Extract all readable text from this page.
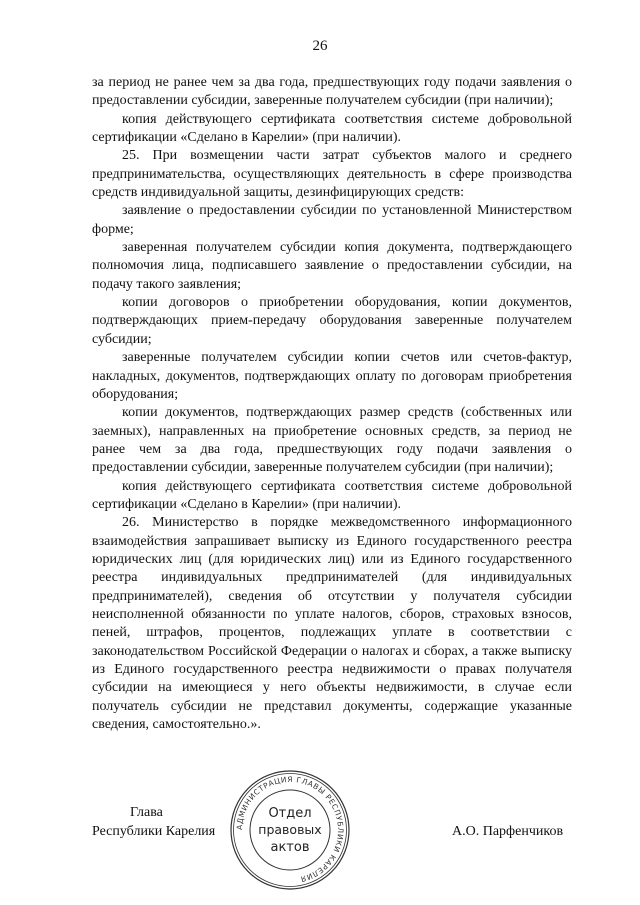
26

за период не ранее чем за два года, предшествующих году подачи заявления о предоставлении субсидии, заверенные получателем субсидии (при наличии);

копия действующего сертификата соответствия системе добровольной сертификации «Сделано в Карелии» (при наличии).

25. При возмещении части затрат субъектов малого и среднего предпринимательства, осуществляющих деятельность в сфере производства средств индивидуальной защиты, дезинфицирующих средств:

заявление о предоставлении субсидии по установленной Министерством форме;

заверенная получателем субсидии копия документа, подтверждающего полномочия лица, подписавшего заявление о предоставлении субсидии, на подачу такого заявления;

копии договоров о приобретении оборудования, копии документов, подтверждающих прием-передачу оборудования заверенные получателем субсидии;

заверенные получателем субсидии копии счетов или счетов-фактур, накладных, документов, подтверждающих оплату по договорам приобретения оборудования;

копии документов, подтверждающих размер средств (собственных или заемных), направленных на приобретение основных средств, за период не ранее чем за два года, предшествующих году подачи заявления о предоставлении субсидии, заверенные получателем субсидии (при наличии);

копия действующего сертификата соответствия системе добровольной сертификации «Сделано в Карелии» (при наличии).

26. Министерство в порядке межведомственного информационного взаимодействия запрашивает выписку из Единого государственного реестра юридических лиц (для юридических лиц) или из Единого государственного реестра индивидуальных предпринимателей (для индивидуальных предпринимателей), сведения об отсутствии у получателя субсидии неисполненной обязанности по уплате налогов, сборов, страховых взносов, пеней, штрафов, процентов, подлежащих уплате в соответствии с законодательством Российской Федерации о налогах и сборах, а также выписку из Единого государственного реестра недвижимости о правах получателя субсидии на имеющиеся у него объекты недвижимости, в случае если получатель субсидии не представил документы, содержащие указанные сведения, самостоятельно.».

Глава
Республики Карелия	АДМИНИСТРАЦИЯ ГЛАВЫ РЕСПУБЛИКИ КАРЕЛИЯ
Отдел
правовых
актов
А.О. Парфенчиков
